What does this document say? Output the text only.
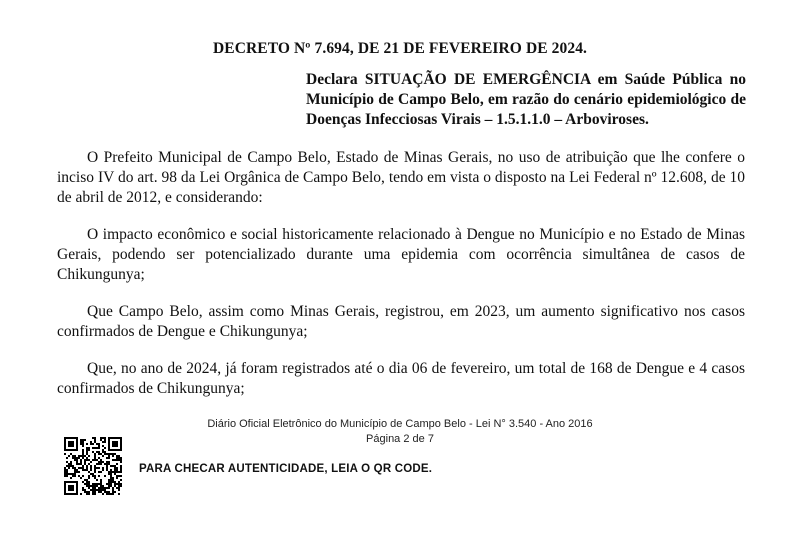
DECRETO Nº 7.694, DE 21 DE FEVEREIRO DE 2024.
Declara SITUAÇÃO DE EMERGÊNCIA em Saúde Pública no Município de Campo Belo, em razão do cenário epidemiológico de Doenças Infecciosas Virais – 1.5.1.1.0 – Arboviroses.

O Prefeito Municipal de Campo Belo, Estado de Minas Gerais, no uso de atribuição que lhe confere o inciso IV do art. 98 da Lei Orgânica de Campo Belo, tendo em vista o disposto na Lei Federal nº 12.608, de 10 de abril de 2012, e considerando:

O impacto econômico e social historicamente relacionado à Dengue no Município e no Estado de Minas Gerais, podendo ser potencializado durante uma epidemia com ocorrência simultânea de casos de Chikungunya;

Que Campo Belo, assim como Minas Gerais, registrou, em 2023, um aumento significativo nos casos confirmados de Dengue e Chikungunya;

Que, no ano de 2024, já foram registrados até o dia 06 de fevereiro, um total de 168 de Dengue e 4 casos confirmados de Chikungunya;

Diário Oficial Eletrônico do Município de Campo Belo - Lei N° 3.540 - Ano 2016
Página 2 de 7
PARA CHECAR AUTENTICIDADE, LEIA O QR CODE.
